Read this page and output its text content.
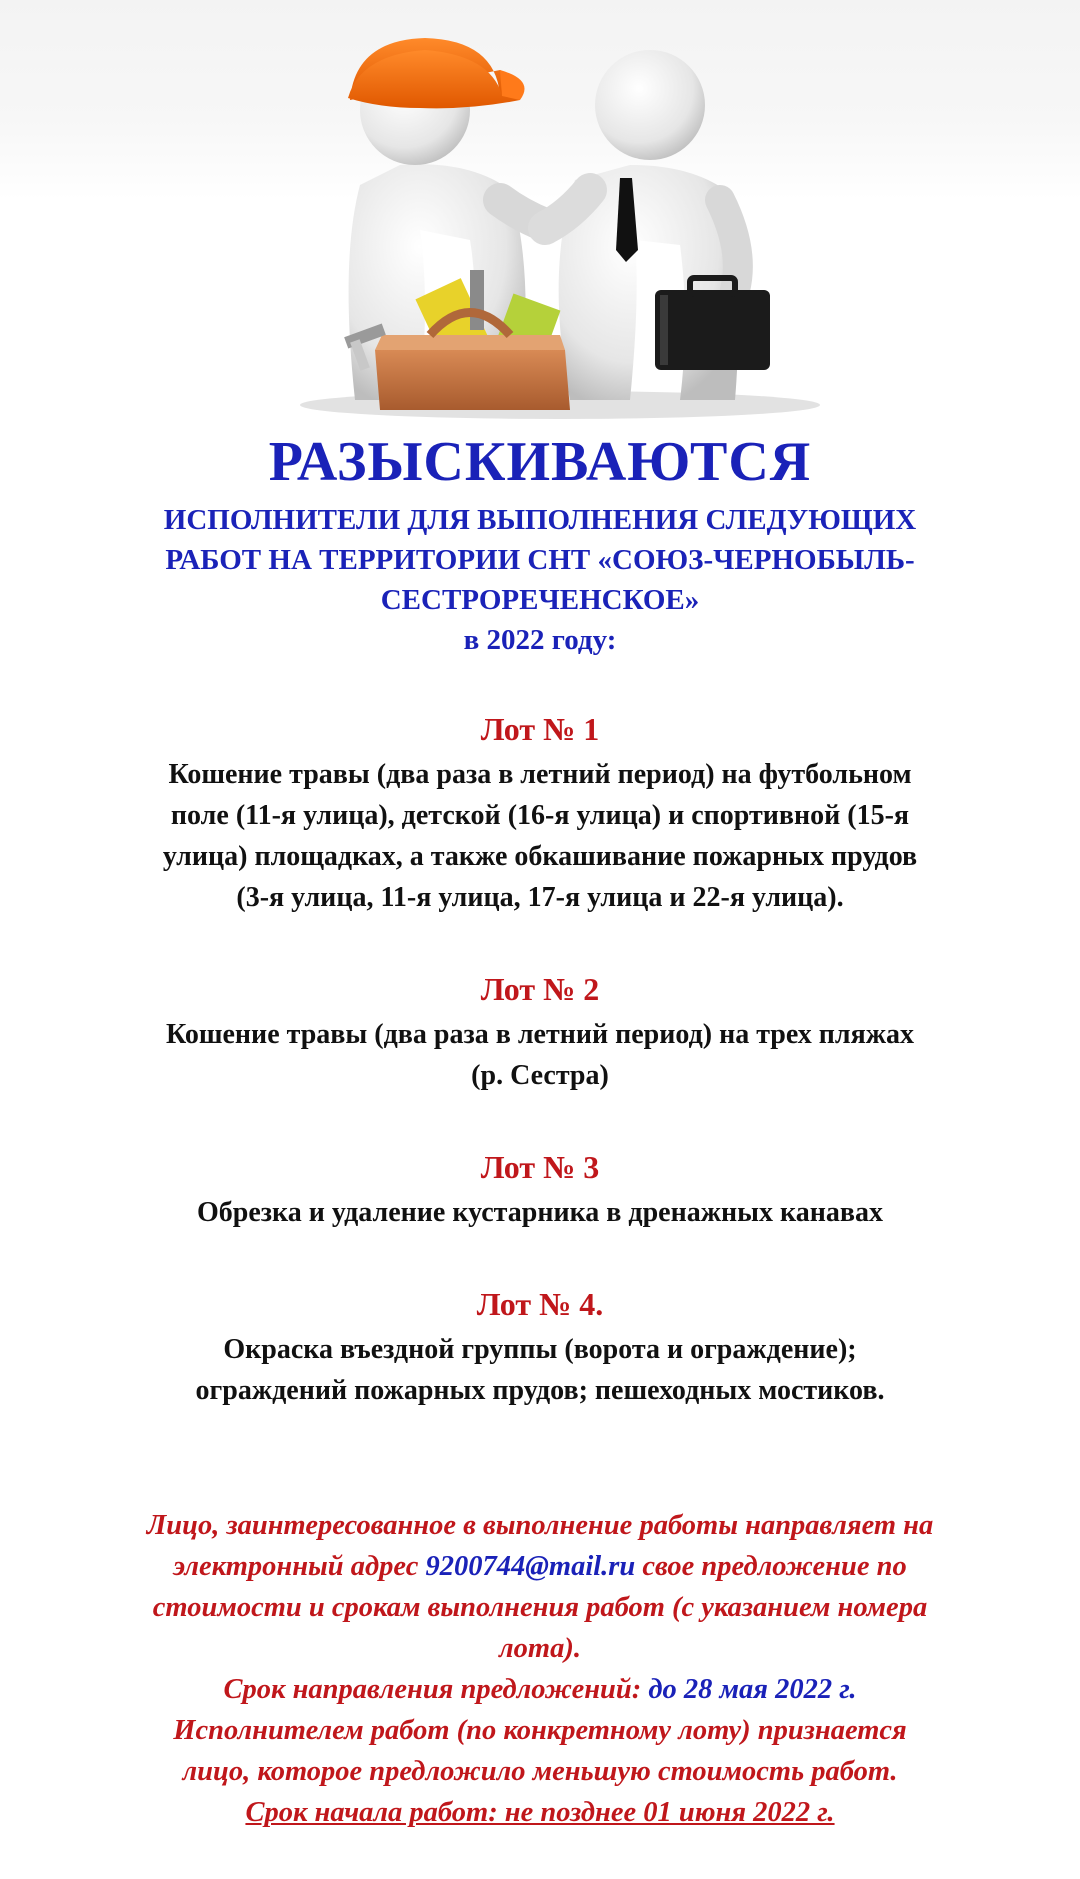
РАЗЫСКИВАЮТСЯ
ИСПОЛНИТЕЛИ ДЛЯ ВЫПОЛНЕНИЯ СЛЕДУЮЩИХ
РАБОТ НА ТЕРРИТОРИИ СНТ «СОЮЗ-ЧЕРНОБЫЛЬ-
СЕСТРОРЕЧЕНСКОЕ»
в 2022 году:
Лот № 1
Кошение травы (два раза в летний период) на футбольном
поле (11-я улица), детской (16-я улица) и спортивной (15-я
улица) площадках, а также обкашивание пожарных прудов
(3-я улица, 11-я улица, 17-я улица и 22-я улица).
Лот № 2
Кошение травы (два раза в летний период) на трех пляжах
(р. Сестра)
Лот № 3
Обрезка и удаление кустарника в дренажных канавах
Лот № 4.
Окраска въездной группы (ворота и ограждение);
ограждений пожарных прудов; пешеходных мостиков.
Лицо, заинтересованное в выполнение работы направляет на
электронный адрес 9200744@mail.ru свое предложение по
стоимости и срокам выполнения работ (с указанием номера
лота).
Срок направления предложений: до 28 мая 2022 г.
Исполнителем работ (по конкретному лоту) признается
лицо, которое предложило меньшую стоимость работ.
Срок начала работ: не позднее 01 июня 2022 г.
